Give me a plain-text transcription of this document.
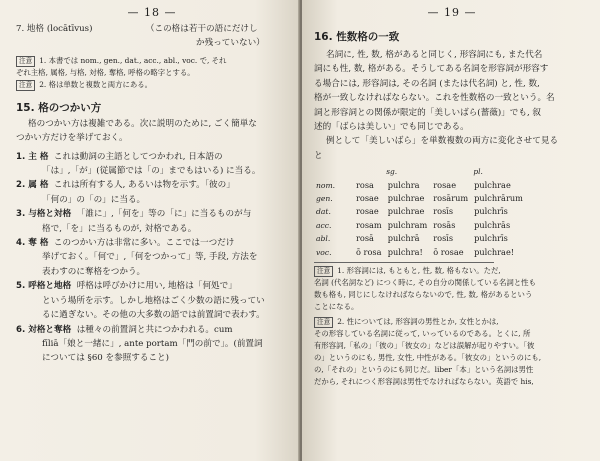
— 18 —
7. 地格 (locātīvus)	（この格は若干の語にだけし
か残っていない）
注意 1. 本書では nom., gen., dat., acc., abl., voc. で, それ
ぞれ主格, 属格, 与格, 対格, 奪格, 呼格の略字とする。
注意 2. 格は単数と複数と両方にある。
15. 格のつかい方
格のつかい方は複雑である。次に説明のために, ごく簡単な
つかい方だけを挙げておく。
1. 主 格 これは動詞の主語としてつかわれ, 日本語の
「は」,「が」(従属節では「の」までもはいる) に当る。
2. 属 格 これは所有する人, あるいは物を示す。「彼の」
「何の」の「の」に当る。
3. 与格と対格 「誰に」,「何を」等の「に」に当るものが与
格で,「を」に当るものが, 対格である。
4. 奪 格 このつかい方は非常に多い。ここでは一つだけ
挙げておく。「何で」,「何をつかって」等, 手段, 方法を
表わすのに奪格をつかう。
5. 呼格と地格 呼格は呼びかけに用い, 地格は「何処で」
という場所を示す。しかし地格はごく少数の語に残ってい
るに過ぎない。その他の大多数の語では前置詞で表わす。
6. 対格と奪格 は種々の前置詞と共につかわれる。cum
fīliā「娘と一緒に」, ante portam「門の前で」。(前置詞
については §60 を参照すること)
— 19 —
16. 性数格の一致
名詞に, 性, 数, 格があると同じく, 形容詞にも, また代名
詞にも性, 数, 格がある。そうしてある名詞を形容詞が形容す
る場合には, 形容詞は, その名詞 (または代名詞) と, 性, 数,
格が一致しなければならない。これを性数格の一致という。名
詞と形容詞との関係が限定的「美しいばら(薔薇)」でも, 叙
述的「ばらは美しい」でも同じである。
例として「美しいばら」を単数複数の両方に変化させて見る
と
	sg.		pl.	
nom.	rosa	pulchra	rosae	pulchrae
gen.	rosae	pulchrae	rosārum	pulchrārum
dat.	rosae	pulchrae	rosīs	pulchrīs
acc.	rosam	pulchram	rosās	pulchrās
abl.	rosā	pulchrā	rosīs	pulchrīs
voc.	ō rosa	pulchra!	ō rosae	pulchrae!
注意 1. 形容詞には, もともと, 性, 数, 格もない。ただ,
名詞 (代名詞など) につく時に, その自分の関係している名詞と性も
数も格も, 同じにしなければならないので, 性, 数, 格があるという
ことになる。
注意 2. 性については, 形容詞の男性とか, 女性とかは,
その形容している名詞に従って, いっているのである。とくに, 所
有形容詞,「私の」「彼の」「彼女の」などは誤解が起りやすい。「彼
の」というのにも, 男性, 女性, 中性がある。「彼女の」というのにも,
の,「それの」というのにも同じだ。liber「本」という名詞は男性
だから, それにつく形容詞は男性でなければならない。英語で his,
